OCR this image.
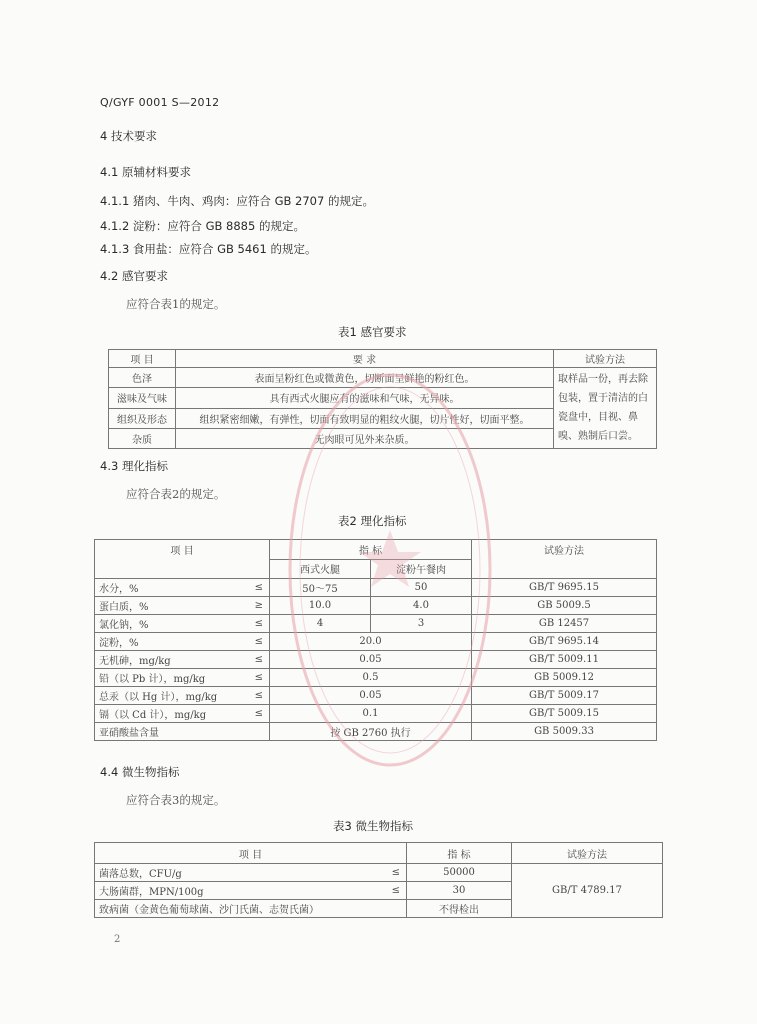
Q/GYF 0001 S—2012
4 技术要求
4.1 原辅材料要求
4.1.1 猪肉、牛肉、鸡肉：应符合 GB 2707 的规定。
4.1.2 淀粉：应符合 GB 8885 的规定。
4.1.3 食用盐：应符合 GB 5461 的规定。
4.2 感官要求
应符合表1的规定。
表1 感官要求
项 目	要 求	试验方法
色泽	表面呈粉红色或微黄色，切断面呈鲜艳的粉红色。	取样品一份，再去除包装，置于清洁的白瓷盘中，目视、鼻嗅、熟制后口尝。
滋味及气味	具有西式火腿应有的滋味和气味，无异味。	
组织及形态	组织紧密细嫩，有弹性，切面有致明显的粗纹火腿，切片性好，切面平整。	
杂质	无肉眼可见外来杂质。	
4.3 理化指标
应符合表2的规定。
表2 理化指标
项 目		指 标		试验方法
		西式火腿	淀粉午餐肉	
水分，%	≤	50～75	50	GB/T 9695.15
蛋白质，%	≥	10.0	4.0	GB 5009.5
氯化钠，%	≤	4	3	GB 12457
淀粉，%	≤	20.0		GB/T 9695.14
无机砷，mg/kg	≤	0.05		GB/T 5009.11
铅（以 Pb 计），mg/kg	≤	0.5		GB 5009.12
总汞（以 Hg 计），mg/kg	≤	0.05		GB/T 5009.17
镉（以 Cd 计），mg/kg	≤	0.1		GB/T 5009.15
亚硝酸盐含量		按 GB 2760 执行		GB 5009.33
4.4 微生物指标
应符合表3的规定。
表3 微生物指标
项 目		指 标	试验方法
菌落总数，CFU/g	≤	50000	GB/T 4789.17
大肠菌群，MPN/100g	≤	30	
致病菌（金黄色葡萄球菌、沙门氏菌、志贺氏菌）		不得检出	
2
